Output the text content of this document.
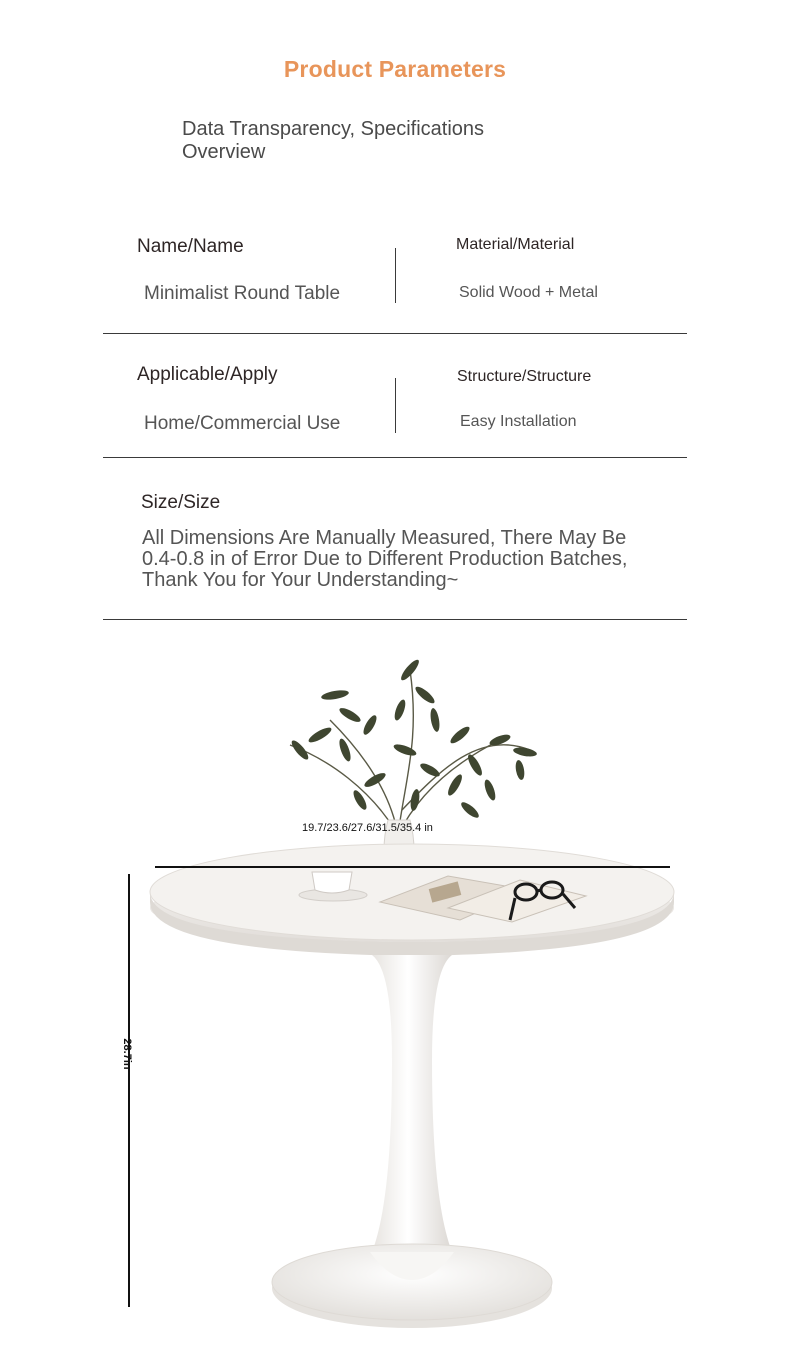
Product Parameters
Data Transparency, Specifications Overview
Name/Name
Minimalist Round Table
Material/Material
Solid Wood + Metal
Applicable/Apply
Home/Commercial Use
Structure/Structure
Easy Installation
Size/Size
All Dimensions Are Manually Measured, There May Be 0.4-0.8 in of Error Due to Different Production Batches, Thank You for Your Understanding~
19.7/23.6/27.6/31.5/35.4 in
28.7in
